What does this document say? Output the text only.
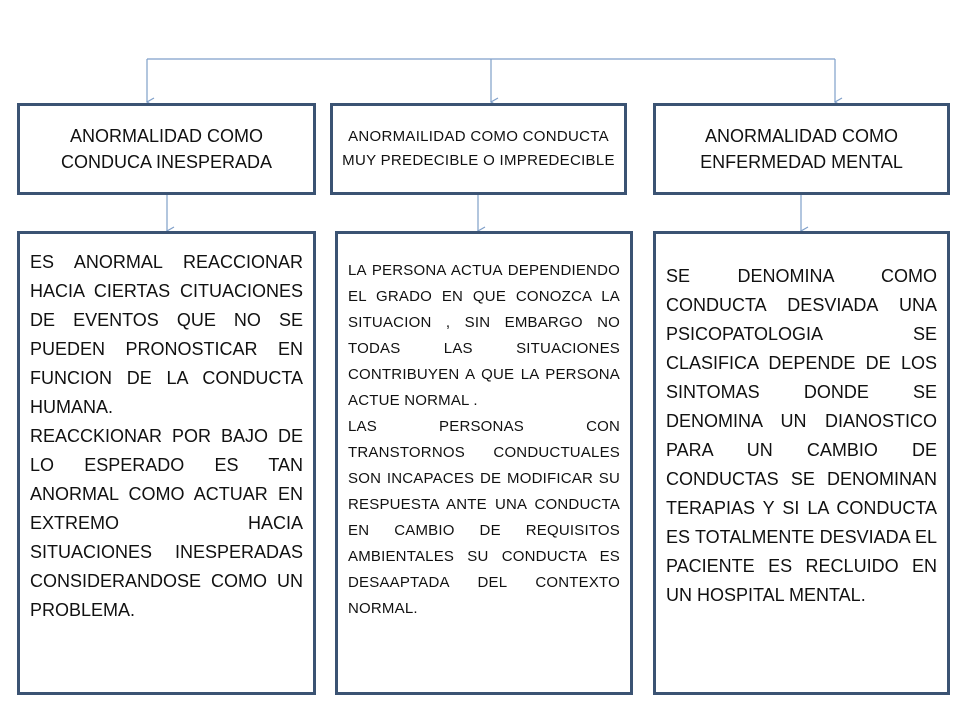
ANORMALIDAD COMO CONDUCA INESPERADA
ANORMAILIDAD COMO CONDUCTA MUY PREDECIBLE O IMPREDECIBLE
ANORMALIDAD COMO ENFERMEDAD MENTAL

ES ANORMAL REACCIONAR HACIA CIERTAS CITUACIONES DE EVENTOS QUE NO SE PUEDEN PRONOSTICAR EN FUNCION DE LA CONDUCTA HUMANA.

REACCKIONAR POR BAJO DE LO ESPERADO ES TAN ANORMAL COMO ACTUAR EN EXTREMO HACIA SITUACIONES INESPERADAS CONSIDERANDOSE COMO UN PROBLEMA.

LA PERSONA ACTUA DEPENDIENDO EL GRADO EN QUE CONOZCA LA SITUACION , SIN EMBARGO NO TODAS LAS SITUACIONES CONTRIBUYEN A QUE LA PERSONA ACTUE NORMAL .

LAS PERSONAS CON TRANSTORNOS CONDUCTUALES SON INCAPACES DE MODIFICAR SU RESPUESTA ANTE UNA CONDUCTA EN CAMBIO DE REQUISITOS AMBIENTALES SU CONDUCTA ES DESAAPTADA DEL CONTEXTO NORMAL.

SE DENOMINA COMO CONDUCTA DESVIADA UNA PSICOPATOLOGIA SE CLASIFICA DEPENDE DE LOS SINTOMAS DONDE SE DENOMINA UN DIANOSTICO PARA UN CAMBIO DE CONDUCTAS SE DENOMINAN TERAPIAS Y SI LA CONDUCTA ES TOTALMENTE DESVIADA EL PACIENTE ES RECLUIDO EN UN HOSPITAL MENTAL.
